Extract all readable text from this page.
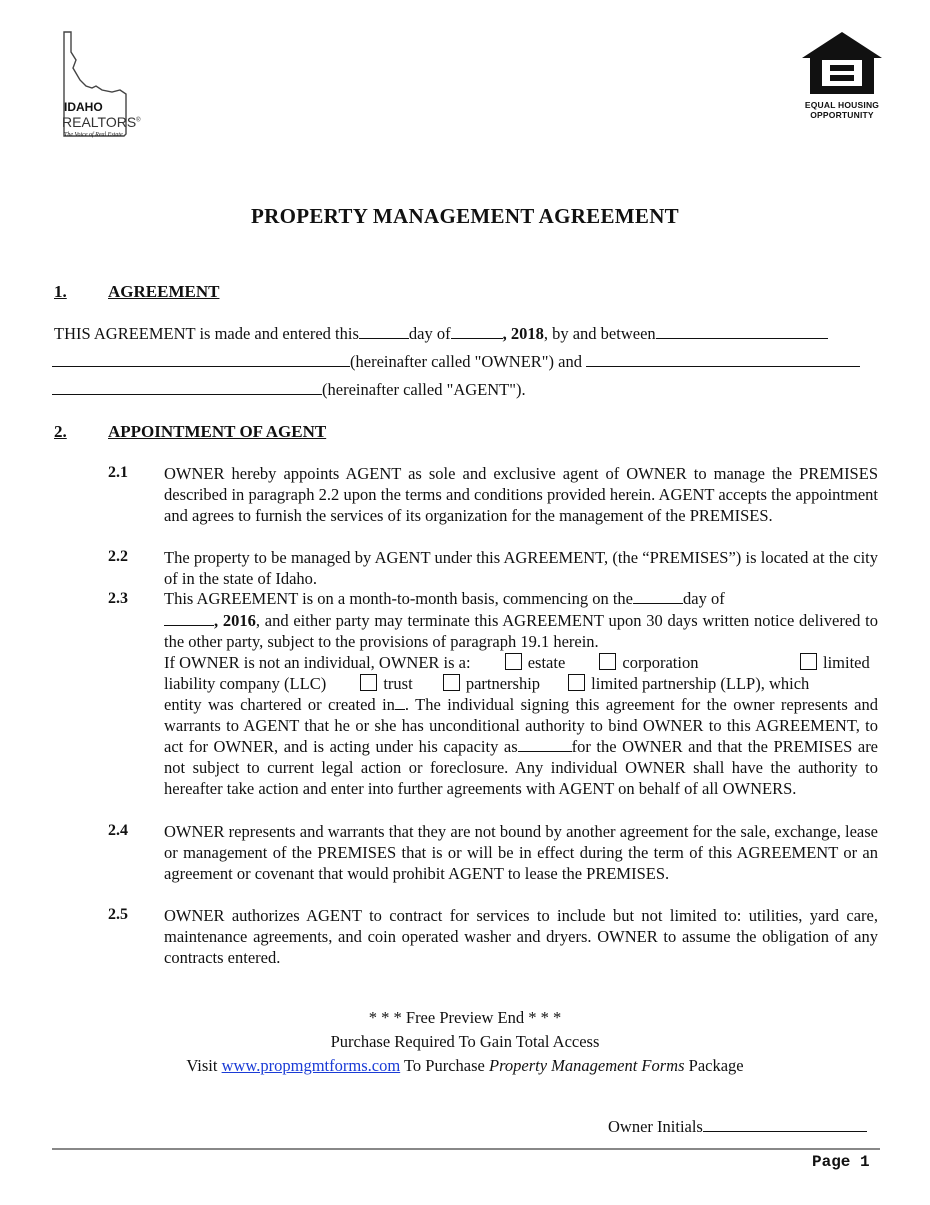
IDAHO
REALTORS®
The Voice of Real Estate
EQUAL HOUSING
OPPORTUNITY
PROPERTY MANAGEMENT AGREEMENT
1. AGREEMENT
THIS AGREEMENT is made and entered this	day of	, 2018, by and between
(hereinafter called "OWNER") and
(hereinafter called "AGENT").
2. APPOINTMENT OF AGENT
2.1 OWNER hereby appoints AGENT as sole and exclusive agent of OWNER to manage the PREMISES described in paragraph 2.2 upon the terms and conditions provided herein. AGENT accepts the appointment and agrees to furnish the services of its organization for the management of the PREMISES.
2.2 The property to be managed by AGENT under this AGREEMENT, (the “PREMISES”) is located at the city of in the state of Idaho.
2.3 This AGREEMENT is on a month-to-month basis, commencing on the	day of
, 2016, and either party may terminate this AGREEMENT upon 30 days written notice delivered to the other party, subject to the provisions of paragraph 19.1 herein.
If OWNER is not an individual, OWNER is a:	estate	corporation	limited
liability company (LLC)	trust	partnership	limited partnership (LLP), which
entity was chartered or created in . The individual signing this agreement for the owner represents and warrants to AGENT that he or she has unconditional authority to bind OWNER to this AGREEMENT, to act for OWNER, and is acting under his capacity as	for the OWNER and that the PREMISES are not subject to current legal action or foreclosure. Any individual OWNER shall have the authority to hereafter take action and enter into further agreements with AGENT on behalf of all OWNERS.
2.4 OWNER represents and warrants that they are not bound by another agreement for the sale, exchange, lease or management of the PREMISES that is or will be in effect during the term of this AGREEMENT or an agreement or covenant that would prohibit AGENT to lease the PREMISES.
2.5 OWNER authorizes AGENT to contract for services to include but not limited to: utilities, yard care, maintenance agreements, and coin operated washer and dryers. OWNER to assume the obligation of any contracts entered.
* * * Free Preview End * * *
Purchase Required To Gain Total Access
Visit www.propmgmtforms.com To Purchase Property Management Forms Package
Owner Initials
Page 1
